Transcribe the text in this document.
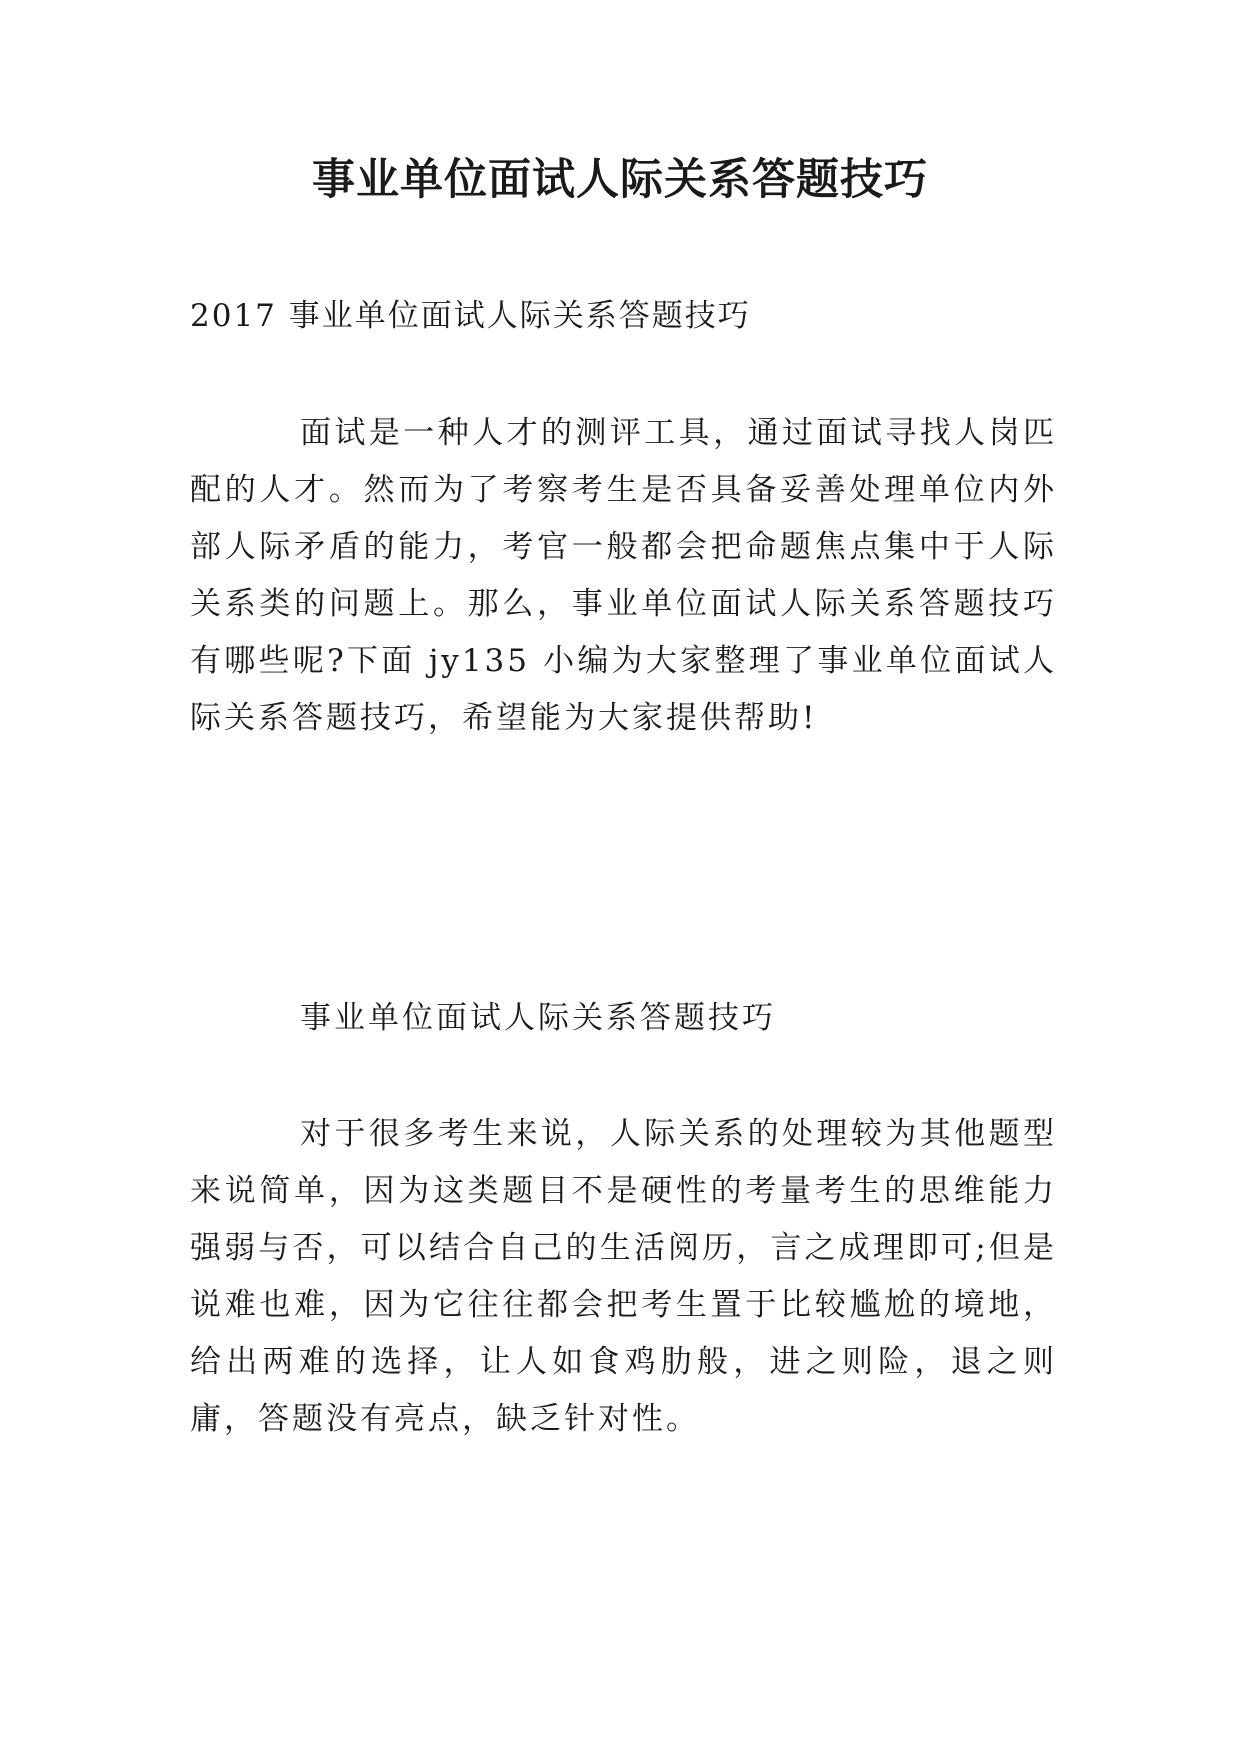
事业单位面试人际关系答题技巧

2017 事业单位面试人际关系答题技巧

面试是一种人才的测评工具，通过面试寻找人岗匹配的人才。然而为了考察考生是否具备妥善处理单位内外部人际矛盾的能力，考官一般都会把命题焦点集中于人际关系类的问题上。那么，事业单位面试人际关系答题技巧有哪些呢?下面 jy135 小编为大家整理了事业单位面试人际关系答题技巧，希望能为大家提供帮助!

事业单位面试人际关系答题技巧

对于很多考生来说，人际关系的处理较为其他题型来说简单，因为这类题目不是硬性的考量考生的思维能力强弱与否，可以结合自己的生活阅历，言之成理即可;但是说难也难，因为它往往都会把考生置于比较尴尬的境地，给出两难的选择，让人如食鸡肋般，进之则险，退之则庸，答题没有亮点，缺乏针对性。
